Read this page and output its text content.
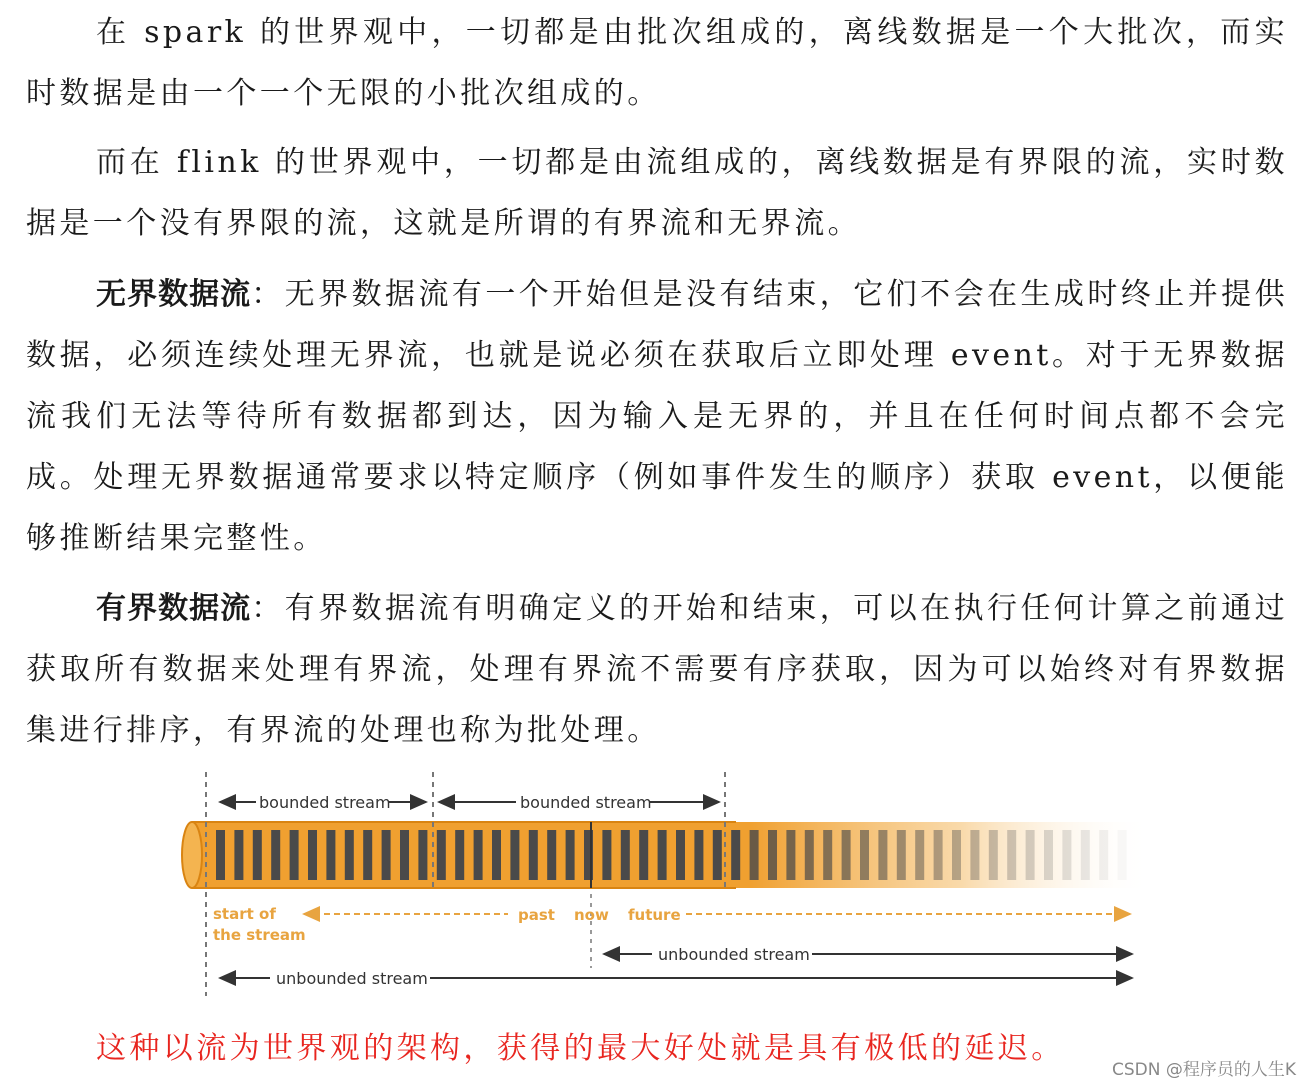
在 spark 的世界观中，一切都是由批次组成的，离线数据是一个大批次，而实时数据是由一个一个无限的小批次组成的。

而在 flink 的世界观中，一切都是由流组成的，离线数据是有界限的流，实时数据是一个没有界限的流，这就是所谓的有界流和无界流。

无界数据流：无界数据流有一个开始但是没有结束，它们不会在生成时终止并提供数据，必须连续处理无界流，也就是说必须在获取后立即处理 event。对于无界数据流我们无法等待所有数据都到达，因为输入是无界的，并且在任何时间点都不会完成。处理无界数据通常要求以特定顺序（例如事件发生的顺序）获取 event，以便能够推断结果完整性。

有界数据流：有界数据流有明确定义的开始和结束，可以在执行任何计算之前通过获取所有数据来处理有界流，处理有界流不需要有序获取，因为可以始终对有界数据集进行排序，有界流的处理也称为批处理。

bounded stream	bounded stream
start of
the stream
past now future
unbounded stream
unbounded stream

这种以流为世界观的架构，获得的最大好处就是具有极低的延迟。

CSDN @程序员的人生K
